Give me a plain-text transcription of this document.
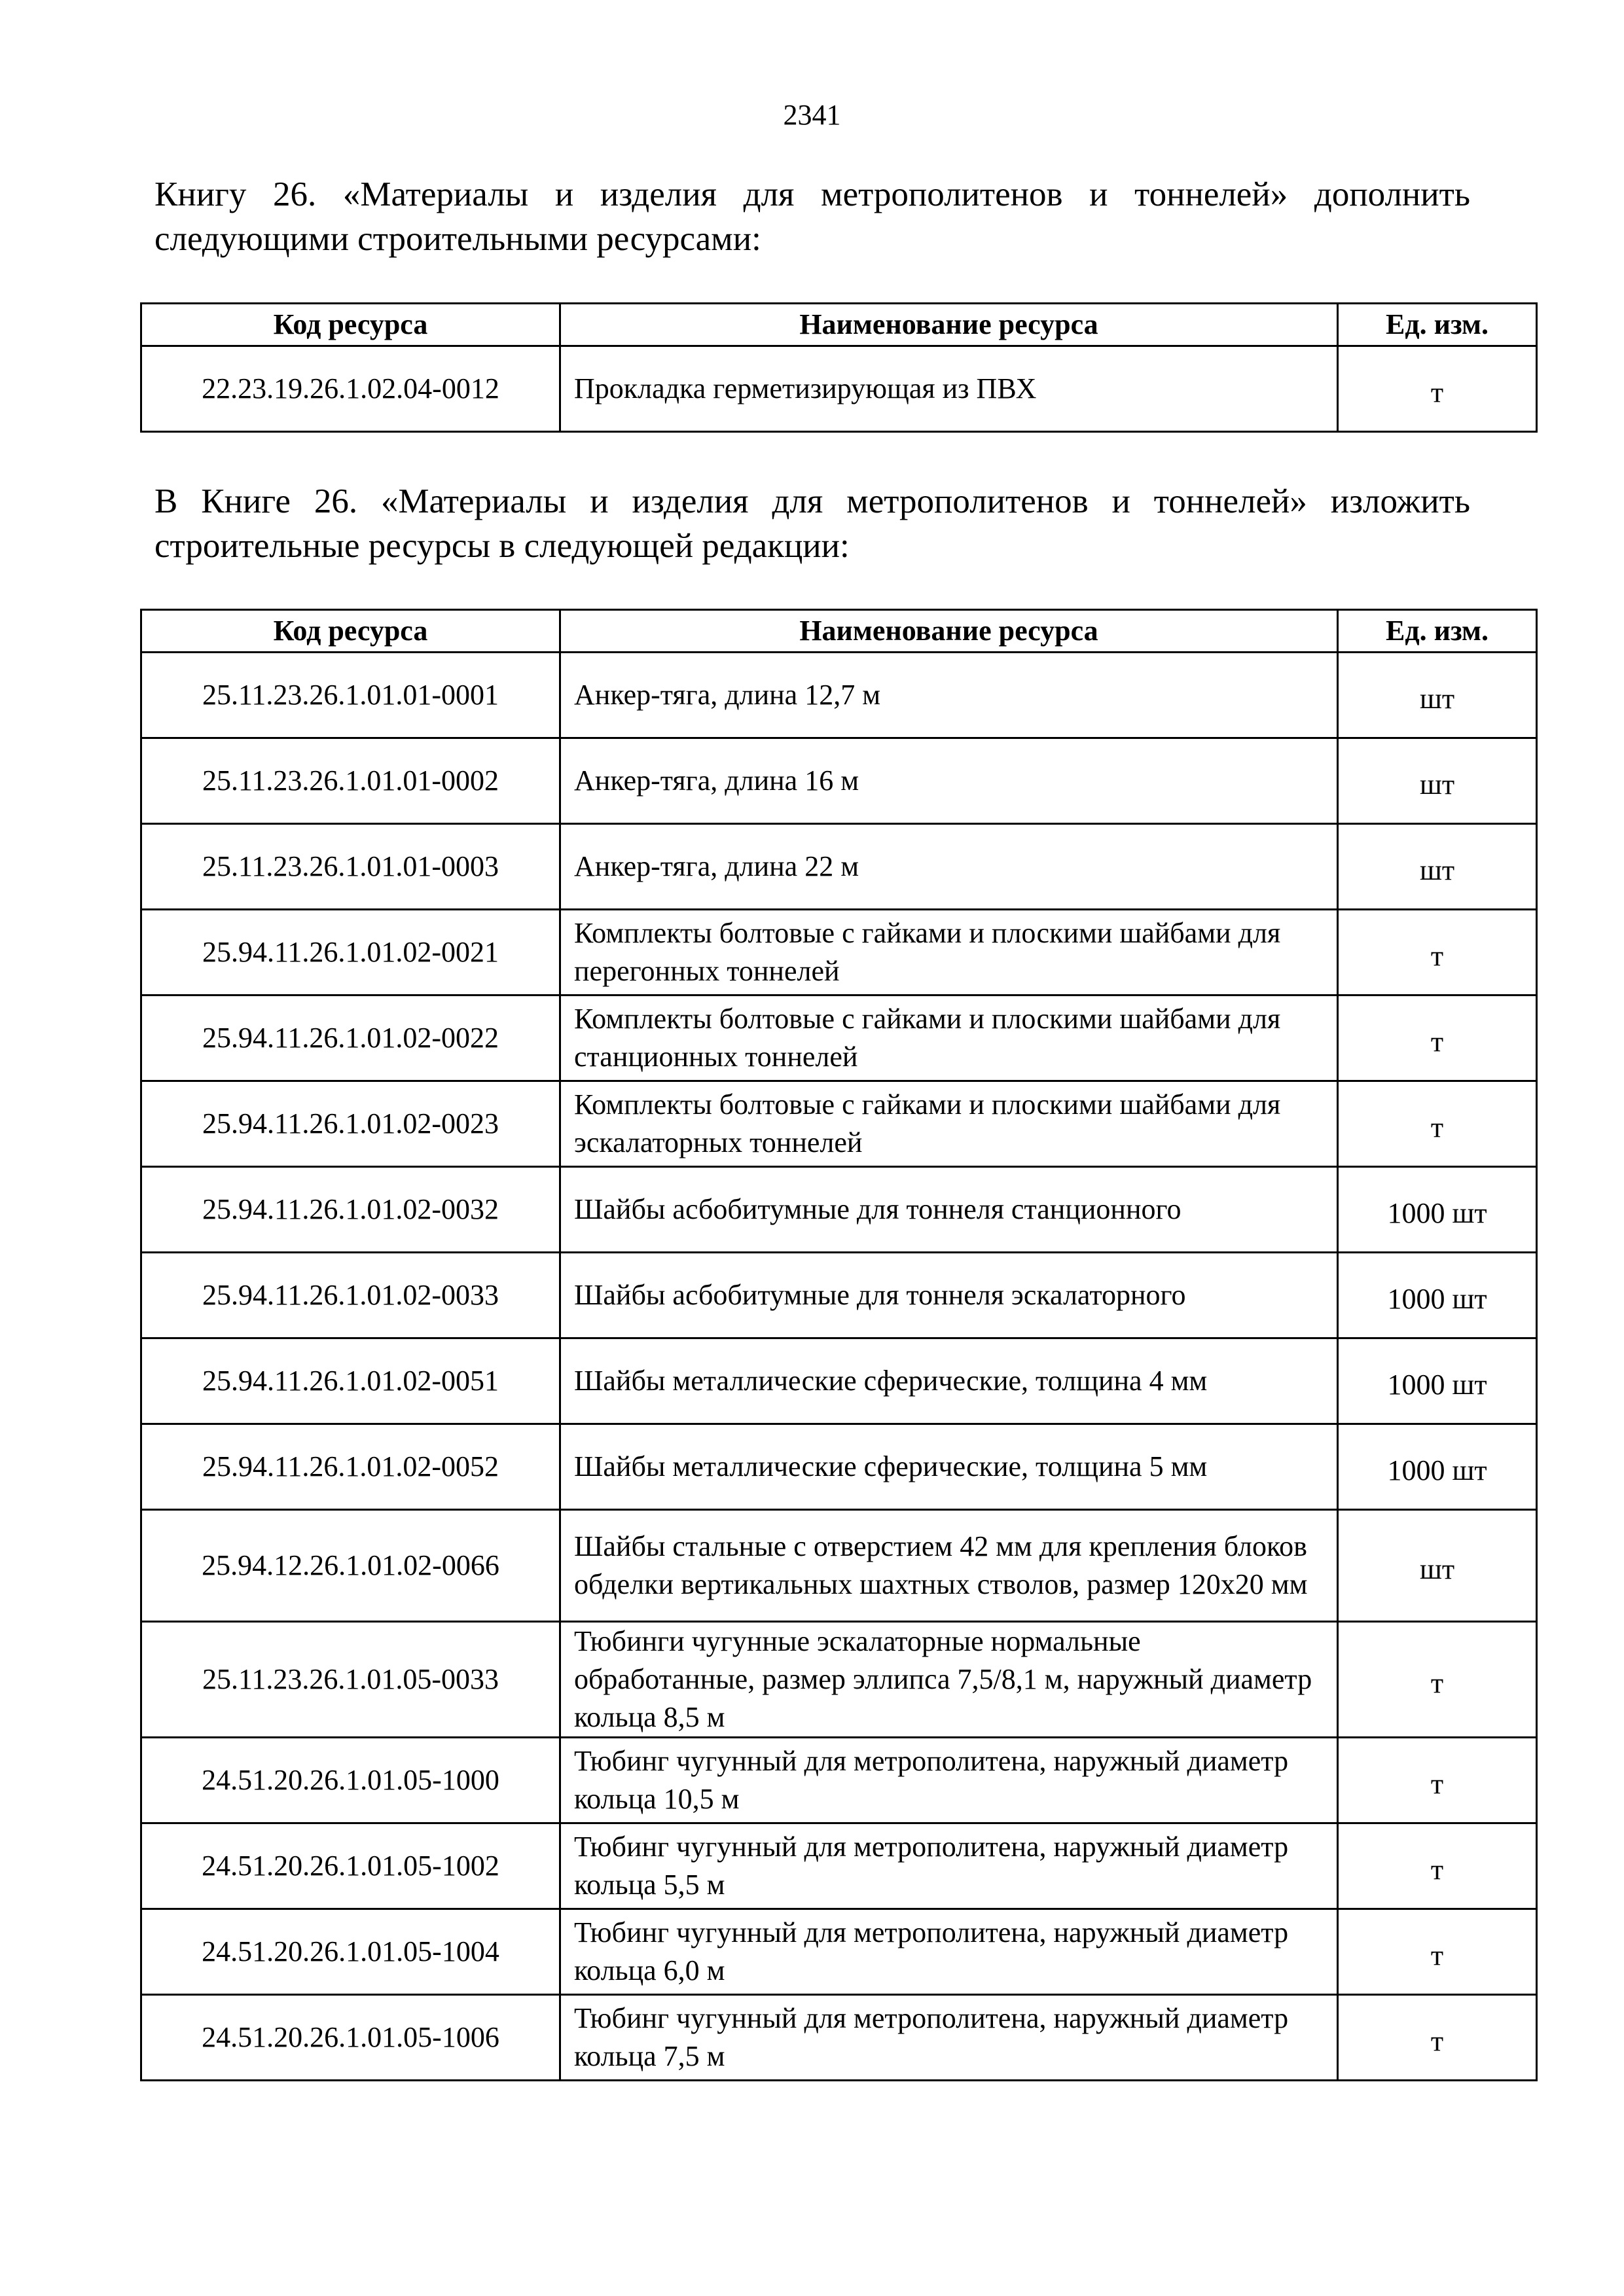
2341
Книгу 26. «Материалы и изделия для метрополитенов и тоннелей» дополнить следующими строительными ресурсами:
Код ресурса	Наименование ресурса	Ед. изм.
22.23.19.26.1.02.04-0012	Прокладка герметизирующая из ПВХ	т
В Книге 26. «Материалы и изделия для метрополитенов и тоннелей» изложить строительные ресурсы в следующей редакции:
Код ресурса	Наименование ресурса	Ед. изм.
25.11.23.26.1.01.01-0001	Анкер-тяга, длина 12,7 м	шт
25.11.23.26.1.01.01-0002	Анкер-тяга, длина 16 м	шт
25.11.23.26.1.01.01-0003	Анкер-тяга, длина 22 м	шт
25.94.11.26.1.01.02-0021	Комплекты болтовые с гайками и плоскими шайбами для перегонных тоннелей	т
25.94.11.26.1.01.02-0022	Комплекты болтовые с гайками и плоскими шайбами для станционных тоннелей	т
25.94.11.26.1.01.02-0023	Комплекты болтовые с гайками и плоскими шайбами для эскалаторных тоннелей	т
25.94.11.26.1.01.02-0032	Шайбы асбобитумные для тоннеля станционного	1000 шт
25.94.11.26.1.01.02-0033	Шайбы асбобитумные для тоннеля эскалаторного	1000 шт
25.94.11.26.1.01.02-0051	Шайбы металлические сферические, толщина 4 мм	1000 шт
25.94.11.26.1.01.02-0052	Шайбы металлические сферические, толщина 5 мм	1000 шт
25.94.12.26.1.01.02-0066	Шайбы стальные с отверстием 42 мм для крепления блоков обделки вертикальных шахтных стволов, размер 120х20 мм	шт
25.11.23.26.1.01.05-0033	Тюбинги чугунные эскалаторные нормальные обработанные, размер эллипса 7,5/8,1 м, наружный диаметр кольца 8,5 м	т
24.51.20.26.1.01.05-1000	Тюбинг чугунный для метрополитена, наружный диаметр кольца 10,5 м	т
24.51.20.26.1.01.05-1002	Тюбинг чугунный для метрополитена, наружный диаметр кольца 5,5 м	т
24.51.20.26.1.01.05-1004	Тюбинг чугунный для метрополитена, наружный диаметр кольца 6,0 м	т
24.51.20.26.1.01.05-1006	Тюбинг чугунный для метрополитена, наружный диаметр кольца 7,5 м	т
